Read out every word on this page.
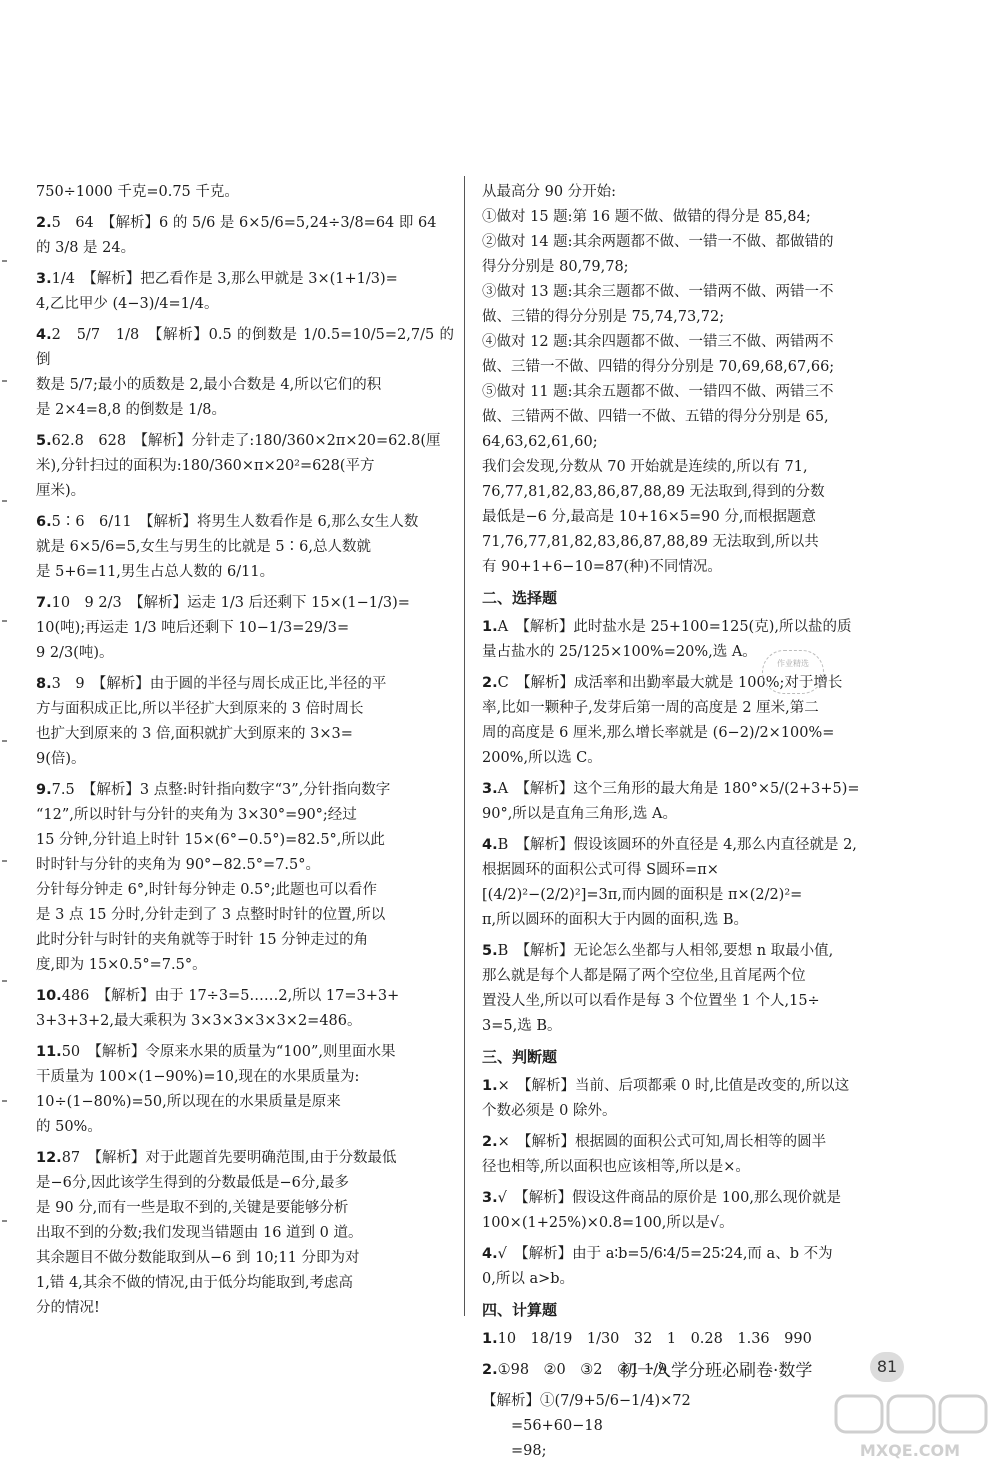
750÷1000 千克=0.75 千克。
2.5　64　【解析】6 的 5/6 是 6×5/6=5,24÷3/8=64 即 64
的 3/8 是 24。
3.1/4　【解析】把乙看作是 3,那么甲就是 3×(1+1/3)=
4,乙比甲少 (4−3)/4=1/4。
4.2　5/7　1/8　【解析】0.5 的倒数是 1/0.5=10/5=2,7/5 的倒
数是 5/7;最小的质数是 2,最小合数是 4,所以它们的积
是 2×4=8,8 的倒数是 1/8。
5.62.8　628　【解析】分针走了:180/360×2π×20=62.8(厘
米),分针扫过的面积为:180/360×π×20²=628(平方
厘米)。
6.5∶6　6/11　【解析】将男生人数看作是 6,那么女生人数
就是 6×5/6=5,女生与男生的比就是 5∶6,总人数就
是 5+6=11,男生占总人数的 6/11。
7.10　9 2/3　【解析】运走 1/3 后还剩下 15×(1−1/3)=
10(吨);再运走 1/3 吨后还剩下 10−1/3=29/3=
9 2/3(吨)。
8.3　9　【解析】由于圆的半径与周长成正比,半径的平
方与面积成正比,所以半径扩大到原来的 3 倍时周长
也扩大到原来的 3 倍,面积就扩大到原来的 3×3=
9(倍)。
9.7.5　【解析】3 点整:时针指向数字“3”,分针指向数字
“12”,所以时针与分针的夹角为 3×30°=90°;经过
15 分钟,分针追上时针 15×(6°−0.5°)=82.5°,所以此
时时针与分针的夹角为 90°−82.5°=7.5°。
分针每分钟走 6°,时针每分钟走 0.5°;此题也可以看作
是 3 点 15 分时,分针走到了 3 点整时时针的位置,所以
此时分针与时针的夹角就等于时针 15 分钟走过的角
度,即为 15×0.5°=7.5°。
10.486　【解析】由于 17÷3=5……2,所以 17=3+3+
3+3+3+2,最大乘积为 3×3×3×3×3×2=486。
11.50　【解析】令原来水果的质量为“100”,则里面水果
干质量为 100×(1−90%)=10,现在的水果质量为:
10÷(1−80%)=50,所以现在的水果质量是原来
的 50%。
12.87　【解析】对于此题首先要明确范围,由于分数最低
是−6分,因此该学生得到的分数最低是−6分,最多
是 90 分,而有一些是取不到的,关键是要能够分析
出取不到的分数;我们发现当错题由 16 道到 0 道。
其余题目不做分数能取到从−6 到 10;11 分即为对
1,错 4,其余不做的情况,由于低分均能取到,考虑高
分的情况!
从最高分 90 分开始:
①做对 15 题:第 16 题不做、做错的得分是 85,84;
②做对 14 题:其余两题都不做、一错一不做、都做错的
得分分别是 80,79,78;
③做对 13 题:其余三题都不做、一错两不做、两错一不
做、三错的得分分别是 75,74,73,72;
④做对 12 题:其余四题都不做、一错三不做、两错两不
做、三错一不做、四错的得分分别是 70,69,68,67,66;
⑤做对 11 题:其余五题都不做、一错四不做、两错三不
做、三错两不做、四错一不做、五错的得分分别是 65,
64,63,62,61,60;
我们会发现,分数从 70 开始就是连续的,所以有 71,
76,77,81,82,83,86,87,88,89 无法取到,得到的分数
最低是−6 分,最高是 10+16×5=90 分,而根据题意
71,76,77,81,82,83,86,87,88,89 无法取到,所以共
有 90+1+6−10=87(种)不同情况。
二、选择题
1.A　【解析】此时盐水是 25+100=125(克),所以盐的质
量占盐水的 25/125×100%=20%,选 A。
2.C　【解析】成活率和出勤率最大就是 100%;对于增长
率,比如一颗种子,发芽后第一周的高度是 2 厘米,第二
周的高度是 6 厘米,那么增长率就是 (6−2)/2×100%=
200%,所以选 C。
3.A　【解析】这个三角形的最大角是 180°×5/(2+3+5)=
90°,所以是直角三角形,选 A。
4.B　【解析】假设该圆环的外直径是 4,那么内直径就是 2,
根据圆环的面积公式可得 S圆环=π×
[(4/2)²−(2/2)²]=3π,而内圆的面积是 π×(2/2)²=
π,所以圆环的面积大于内圆的面积,选 B。
5.B　【解析】无论怎么坐都与人相邻,要想 n 取最小值,
那么就是每个人都是隔了两个空位坐,且首尾两个位
置没人坐,所以可以看作是每 3 个位置坐 1 个人,15÷
3=5,选 B。
三、判断题
1.×　【解析】当前、后项都乘 0 时,比值是改变的,所以这
个数必须是 0 除外。
2.×　【解析】根据圆的面积公式可知,周长相等的圆半
径也相等,所以面积也应该相等,所以是×。
3.√　【解析】假设这件商品的原价是 100,那么现价就是
100×(1+25%)×0.8=100,所以是√。
4.√　【解析】由于 a∶b=5/6∶4/5=25∶24,而 a、b 不为
0,所以 a>b。
四、计算题
1.10　18/19　1/30　32　1　0.28　1.36　990
2.①98　②0　③2　④1 1/9
【解析】①(7/9+5/6−1/4)×72
　　=56+60−18
　　=98;
作业精选
初一入学分班必刷卷·数学	81
MXQE.COM
